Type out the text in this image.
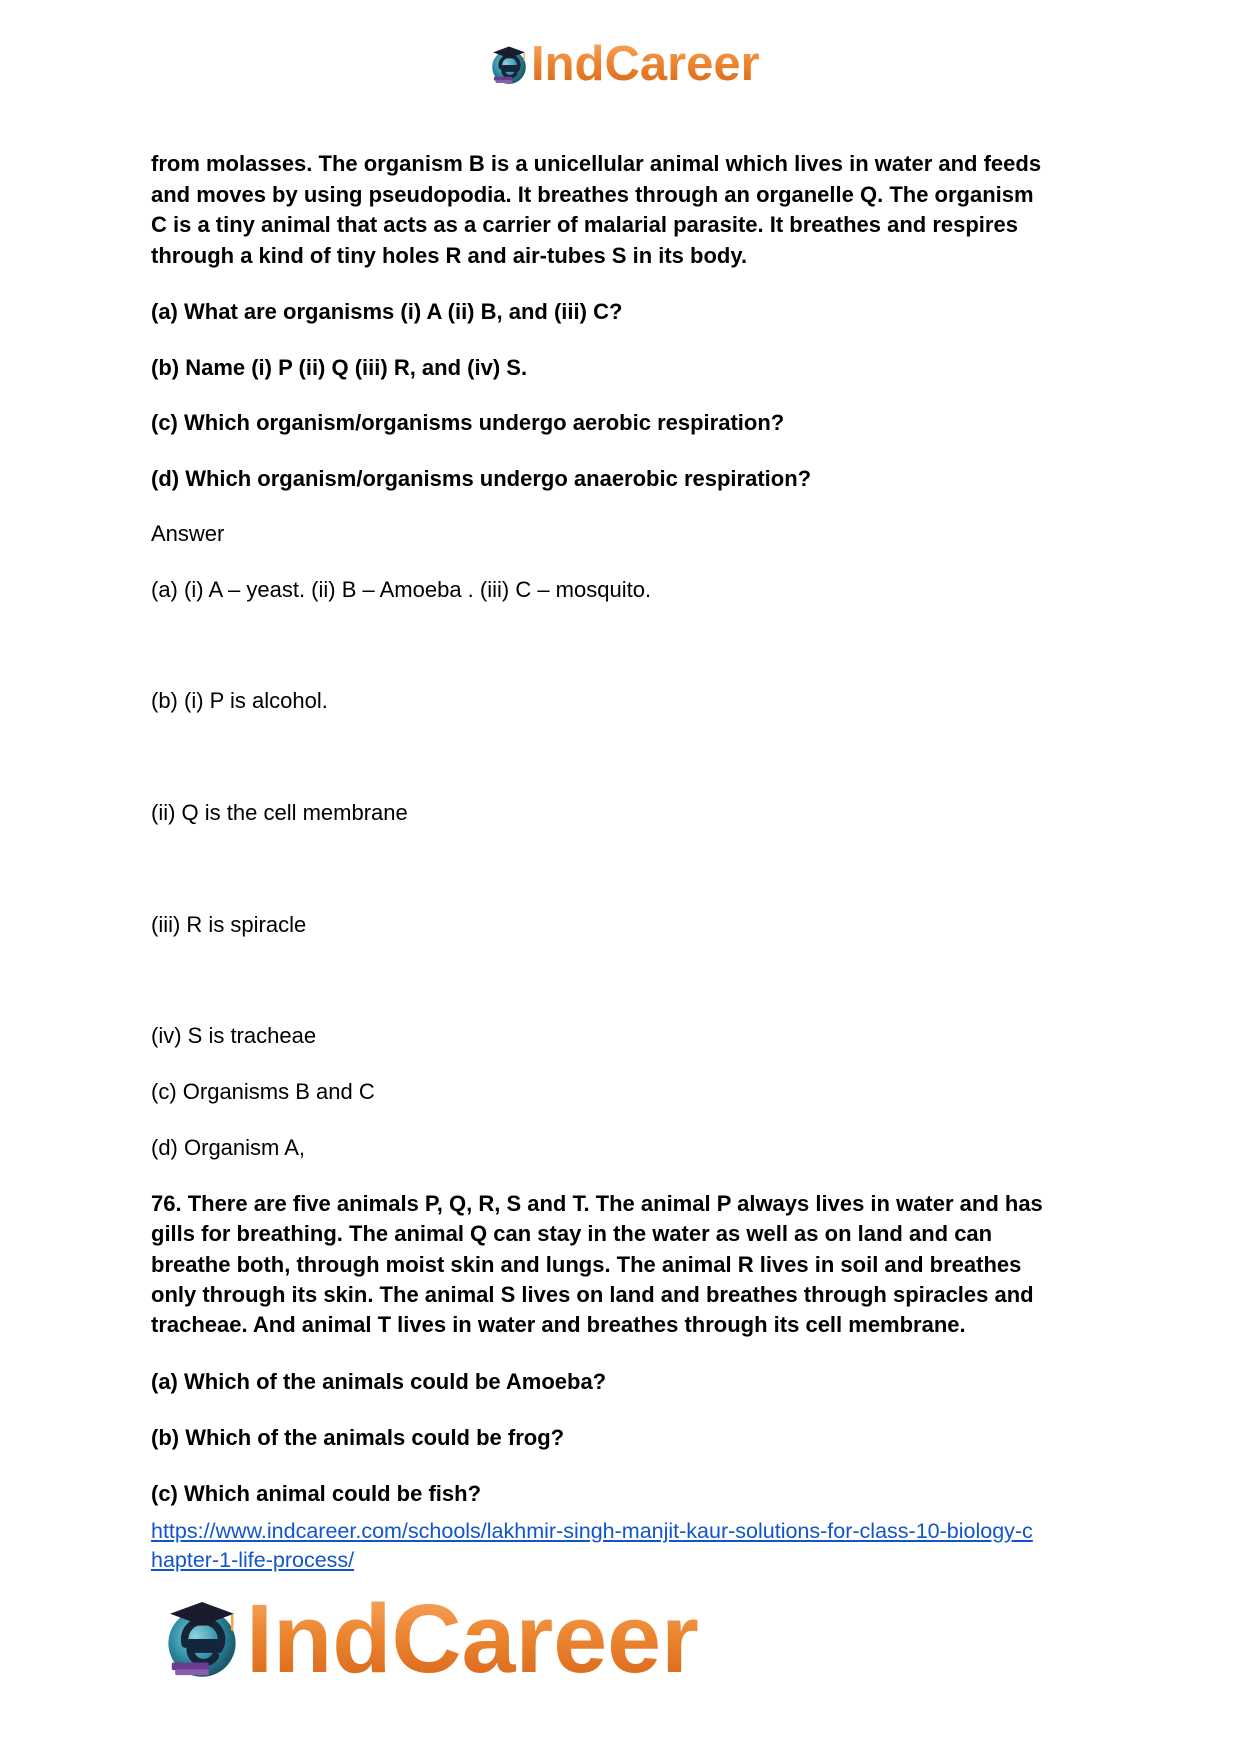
IndCareer
from molasses. The organism B is a unicellular animal which lives in water and feeds
and moves by using pseudopodia. It breathes through an organelle Q. The organism
C is a tiny animal that acts as a carrier of malarial parasite. It breathes and respires
through a kind of tiny holes R and air-tubes S in its body.
(a) What are organisms (i) A (ii) B, and (iii) C?
(b) Name (i) P (ii) Q (iii) R, and (iv) S.
(c) Which organism/organisms undergo aerobic respiration?
(d) Which organism/organisms undergo anaerobic respiration?
Answer
(a) (i) A – yeast. (ii) B – Amoeba . (iii) C – mosquito.
(b) (i) P is alcohol.
(ii) Q is the cell membrane
(iii) R is spiracle
(iv) S is tracheae
(c) Organisms B and C
(d) Organism A,
76. There are five animals P, Q, R, S and T. The animal P always lives in water and has
gills for breathing. The animal Q can stay in the water as well as on land and can
breathe both, through moist skin and lungs. The animal R lives in soil and breathes
only through its skin. The animal S lives on land and breathes through spiracles and
tracheae. And animal T lives in water and breathes through its cell membrane.
(a) Which of the animals could be Amoeba?
(b) Which of the animals could be frog?
(c) Which animal could be fish?
https://www.indcareer.com/schools/lakhmir-singh-manjit-kaur-solutions-for-class-10-biology-c
hapter-1-life-process/
IndCareer
